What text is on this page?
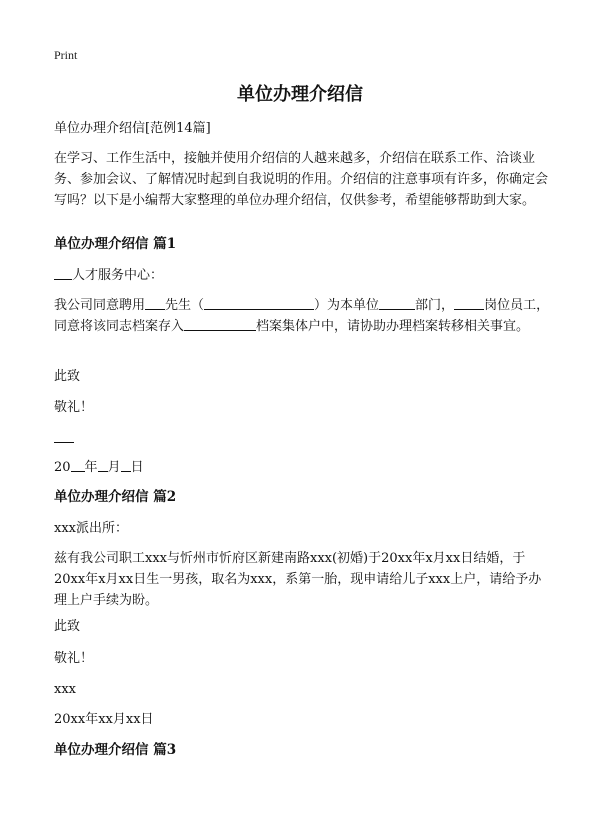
Print
单位办理介绍信
单位办理介绍信[范例14篇]
在学习、工作生活中，接触并使用介绍信的人越来越多，介绍信在联系工作、洽谈业务、参加会议、了解情况时起到自我说明的作用。介绍信的注意事项有许多，你确定会写吗？以下是小编帮大家整理的单位办理介绍信，仅供参考，希望能够帮助到大家。
单位办理介绍信 篇1
人才服务中心：
我公司同意聘用 先生（	）为本单位	部门， 岗位员工，同意将该同志档案存入	档案集体户中，请协助办理档案转移相关事宜。
此致
敬礼！
20 年 月 日
单位办理介绍信 篇2
xxx派出所：
兹有我公司职工xxx与忻州市忻府区新建南路xxx(初婚)于20xx年x月xx日结婚，于20xx年x月xx日生一男孩，取名为xxx，系第一胎，现申请给儿子xxx上户，请给予办理上户手续为盼。
此致
敬礼！
xxx
20xx年xx月xx日
单位办理介绍信 篇3
